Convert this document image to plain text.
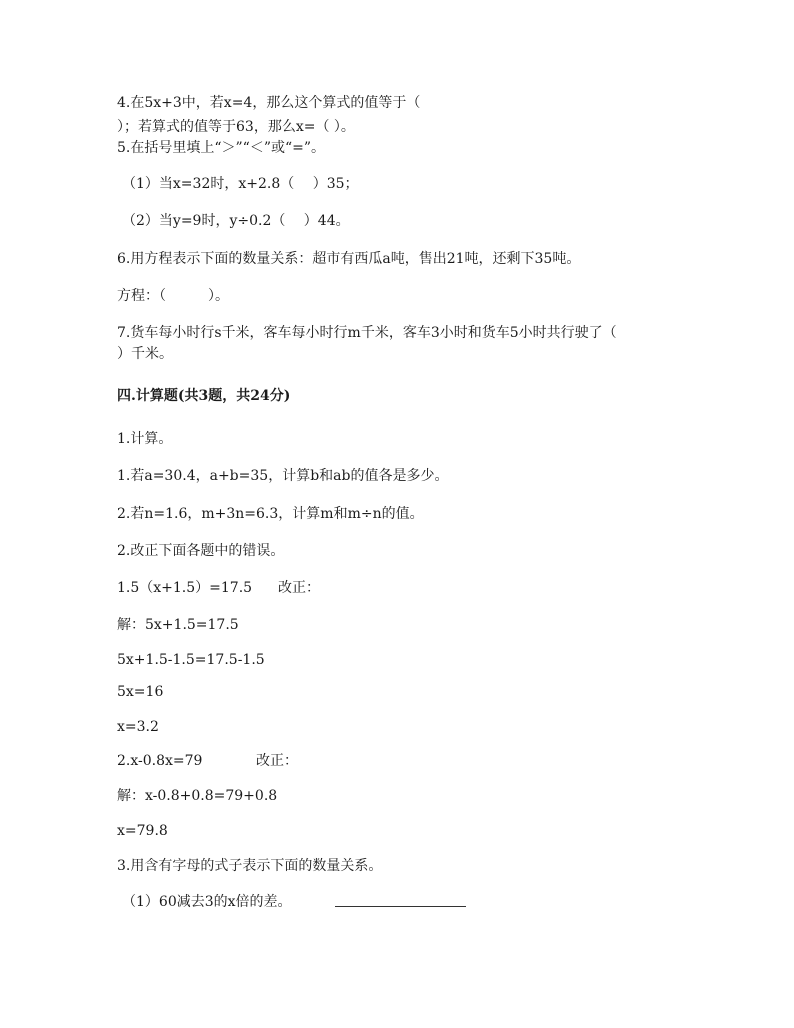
4.在5x+3中，若x=4，那么这个算式的值等于（
）；若算式的值等于63，那么x=（ ）。
5.在括号里填上“＞”“＜”或“=”。
（1）当x=32时，x+2.8（　 ）35；
（2）当y=9时，y÷0.2（　 ）44。
6.用方程表示下面的数量关系：超市有西瓜a吨，售出21吨，还剩下35吨。
方程：（　　　）。
7.货车每小时行s千米，客车每小时行m千米，客车3小时和货车5小时共行驶了（
）千米。
四.计算题(共3题，共24分)
1.计算。
1.若a=30.4，a+b=35，计算b和ab的值各是多少。
2.若n=1.6，m+3n=6.3，计算m和m÷n的值。
2.改正下面各题中的错误。
1.5（x+1.5）=17.5 改正：
解：5x+1.5=17.5
5x+1.5-1.5=17.5-1.5
5x=16
x=3.2
2.x-0.8x=79	改正：
解：x-0.8+0.8=79+0.8
x=79.8
3.用含有字母的式子表示下面的数量关系。
（1）60减去3的x倍的差。
